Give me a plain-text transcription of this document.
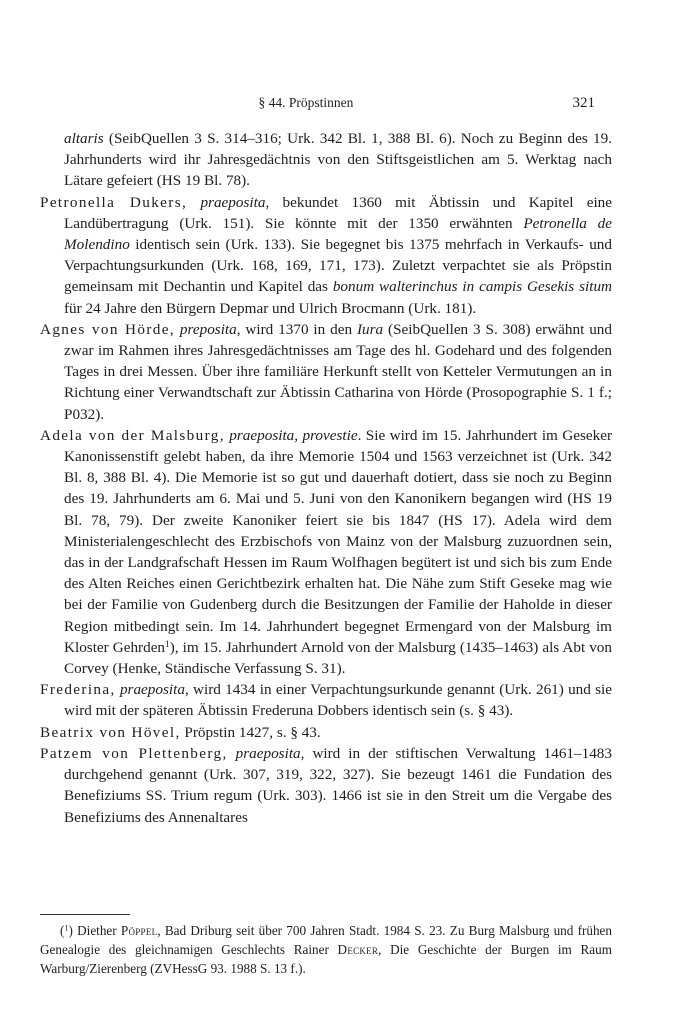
§ 44. Pröpstinnen	321

altaris (SeibQuellen 3 S. 314–316; Urk. 342 Bl. 1, 388 Bl. 6). Noch zu Beginn des 19. Jahrhunderts wird ihr Jahresgedächtnis von den Stiftsgeistlichen am 5. Werktag nach Lätare gefeiert (HS 19 Bl. 78).

Petronella Dukers, praeposita, bekundet 1360 mit Äbtissin und Kapitel eine Landübertragung (Urk. 151). Sie könnte mit der 1350 erwähnten Petronella de Molendino identisch sein (Urk. 133). Sie begegnet bis 1375 mehrfach in Verkaufs- und Verpachtungsurkunden (Urk. 168, 169, 171, 173). Zuletzt verpachtet sie als Pröpstin gemeinsam mit Dechantin und Kapitel das bonum walterinchus in campis Gesekis situm für 24 Jahre den Bürgern Depmar und Ulrich Brocmann (Urk. 181).

Agnes von Hörde, preposita, wird 1370 in den Iura (SeibQuellen 3 S. 308) erwähnt und zwar im Rahmen ihres Jahresgedächtnisses am Tage des hl. Godehard und des folgenden Tages in drei Messen. Über ihre familiäre Herkunft stellt von Ketteler Vermutungen an in Richtung einer Verwandtschaft zur Äbtissin Catharina von Hörde (Prosopographie S. 1 f.; P032).

Adela von der Malsburg, praeposita, provestie. Sie wird im 15. Jahrhundert im Geseker Kanonissenstift gelebt haben, da ihre Memorie 1504 und 1563 verzeichnet ist (Urk. 342 Bl. 8, 388 Bl. 4). Die Memorie ist so gut und dauerhaft dotiert, dass sie noch zu Beginn des 19. Jahrhunderts am 6. Mai und 5. Juni von den Kanonikern begangen wird (HS 19 Bl. 78, 79). Der zweite Kanoniker feiert sie bis 1847 (HS 17). Adela wird dem Ministerialengeschlecht des Erzbischofs von Mainz von der Malsburg zuzuordnen sein, das in der Landgrafschaft Hessen im Raum Wolfhagen begütert ist und sich bis zum Ende des Alten Reiches einen Gerichtbezirk erhalten hat. Die Nähe zum Stift Geseke mag wie bei der Familie von Gudenberg durch die Besitzungen der Familie der Haholde in dieser Region mitbedingt sein. Im 14. Jahrhundert begegnet Ermengard von der Malsburg im Kloster Gehrden$^1$), im 15. Jahrhundert Arnold von der Malsburg (1435–1463) als Abt von Corvey (Henke, Ständische Verfassung S. 31).

Frederina, praeposita, wird 1434 in einer Verpachtungsurkunde genannt (Urk. 261) und sie wird mit der späteren Äbtissin Frederuna Dobbers identisch sein (s. § 43).

Beatrix von Hövel, Pröpstin 1427, s. § 43.

Patzem von Plettenberg, praeposita, wird in der stiftischen Verwaltung 1461–1483 durchgehend genannt (Urk. 307, 319, 322, 327). Sie bezeugt 1461 die Fundation des Benefiziums SS. Trium regum (Urk. 303). 1466 ist sie in den Streit um die Vergabe des Benefiziums des Annenaltares

($^1$) Diether Pöppel, Bad Driburg seit über 700 Jahren Stadt. 1984 S. 23. Zu Burg Malsburg und frühen Genealogie des gleichnamigen Geschlechts Rainer Decker, Die Geschichte der Burgen im Raum Warburg/Zierenberg (ZVHessG 93. 1988 S. 13 f.).
